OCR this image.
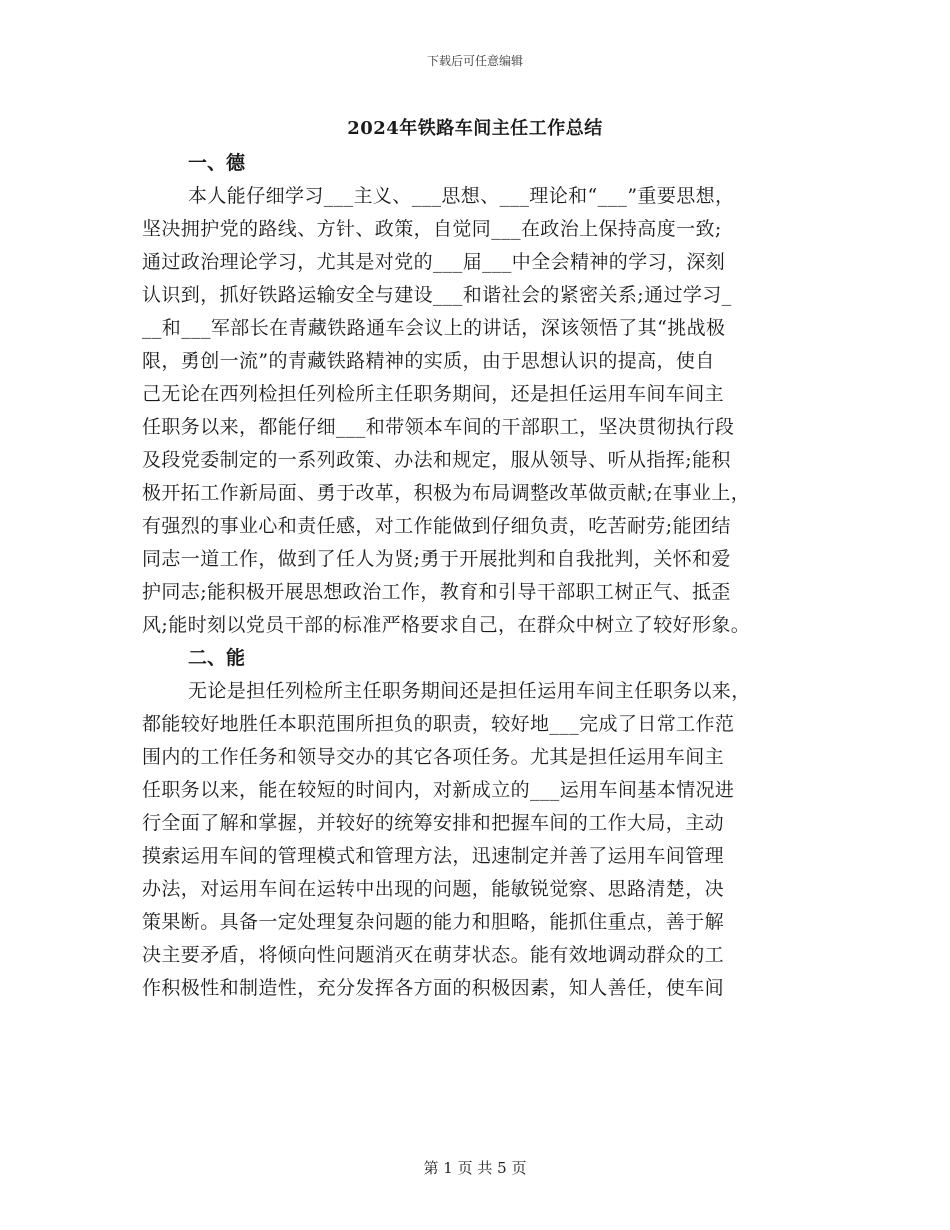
下载后可任意编辑
2024年铁路车间主任工作总结
一、德
本人能仔细学习___主义、___思想、___理论和“___”重要思想，
坚决拥护党的路线、方针、政策，自觉同___在政治上保持高度一致;
通过政治理论学习，尤其是对党的___届___中全会精神的学习，深刻
认识到，抓好铁路运输安全与建设___和谐社会的紧密关系;通过学习_
__和___军部长在青藏铁路通车会议上的讲话，深该领悟了其“挑战极
限，勇创一流”的青藏铁路精神的实质，由于思想认识的提高，使自
己无论在西列检担任列检所主任职务期间，还是担任运用车间车间主
任职务以来，都能仔细___和带领本车间的干部职工，坚决贯彻执行段
及段党委制定的一系列政策、办法和规定，服从领导、听从指挥;能积
极开拓工作新局面、勇于改革，积极为布局调整改革做贡献;在事业上，
有强烈的事业心和责任感，对工作能做到仔细负责，吃苦耐劳;能团结
同志一道工作，做到了任人为贤;勇于开展批判和自我批判，关怀和爱
护同志;能积极开展思想政治工作，教育和引导干部职工树正气、抵歪
风;能时刻以党员干部的标准严格要求自己，在群众中树立了较好形象。
二、能
无论是担任列检所主任职务期间还是担任运用车间主任职务以来，
都能较好地胜任本职范围所担负的职责，较好地___完成了日常工作范
围内的工作任务和领导交办的其它各项任务。尤其是担任运用车间主
任职务以来，能在较短的时间内，对新成立的___运用车间基本情况进
行全面了解和掌握，并较好的统筹安排和把握车间的工作大局，主动
摸索运用车间的管理模式和管理方法，迅速制定并善了运用车间管理
办法，对运用车间在运转中出现的问题，能敏锐觉察、思路清楚，决
策果断。具备一定处理复杂问题的能力和胆略，能抓住重点，善于解
决主要矛盾，将倾向性问题消灭在萌芽状态。能有效地调动群众的工
作积极性和制造性，充分发挥各方面的积极因素，知人善任，使车间
第 1 页 共 5 页
